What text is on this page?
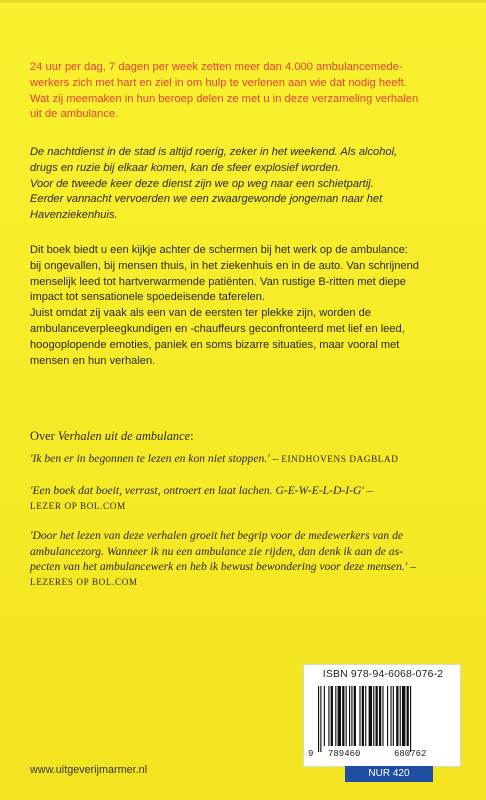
24 uur per dag, 7 dagen per week zetten meer dan 4.000 ambulancemede-
werkers zich met hart en ziel in om hulp te verlenen aan wie dat nodig heeft.
Wat zij meemaken in hun beroep delen ze met u in deze verzameling verhalen
uit de ambulance.

De nachtdienst in de stad is altijd roerig, zeker in het weekend. Als alcohol,

drugs en ruzie bij elkaar komen, kan de sfeer explosief worden.

Voor de tweede keer deze dienst zijn we op weg naar een schietpartij.

Eerder vannacht vervoerden we een zwaargewonde jongeman naar het

Havenziekenhuis.

Dit boek biedt u een kijkje achter de schermen bij het werk op de ambulance:

bij ongevallen, bij mensen thuis, in het ziekenhuis en in de auto. Van schrijnend

menselijk leed tot hartverwarmende patiënten. Van rustige B-ritten met diepe

impact tot sensationele spoedeisende taferelen.

Juist omdat zij vaak als een van de eersten ter plekke zijn, worden de

ambulanceverpleegkundigen en -chauffeurs geconfronteerd met lief en leed,

hoogoplopende emoties, paniek en soms bizarre situaties, maar vooral met

mensen en hun verhalen.

Over Verhalen uit de ambulance:
'Ik ben er in begonnen te lezen en kon niet stoppen.' – EINDHOVENS DAGBLAD
'Een boek dat boeit, verrast, ontroert en laat lachen. G-E-W-E-L-D-I-G' –
LEZER OP BOL.COM
'Door het lezen van deze verhalen groeit het begrip voor de medewerkers van de
ambulancezorg. Wanneer ik nu een ambulance zie rijden, dan denk ik aan de as-
pecten van het ambulancewerk en heb ik bewust bewondering voor deze mensen.' –
LEZERES OP BOL.COM
www.uitgeverijmarmer.nl
ISBN 978-94-6068-076-2
9 789460	680762
NUR 420
